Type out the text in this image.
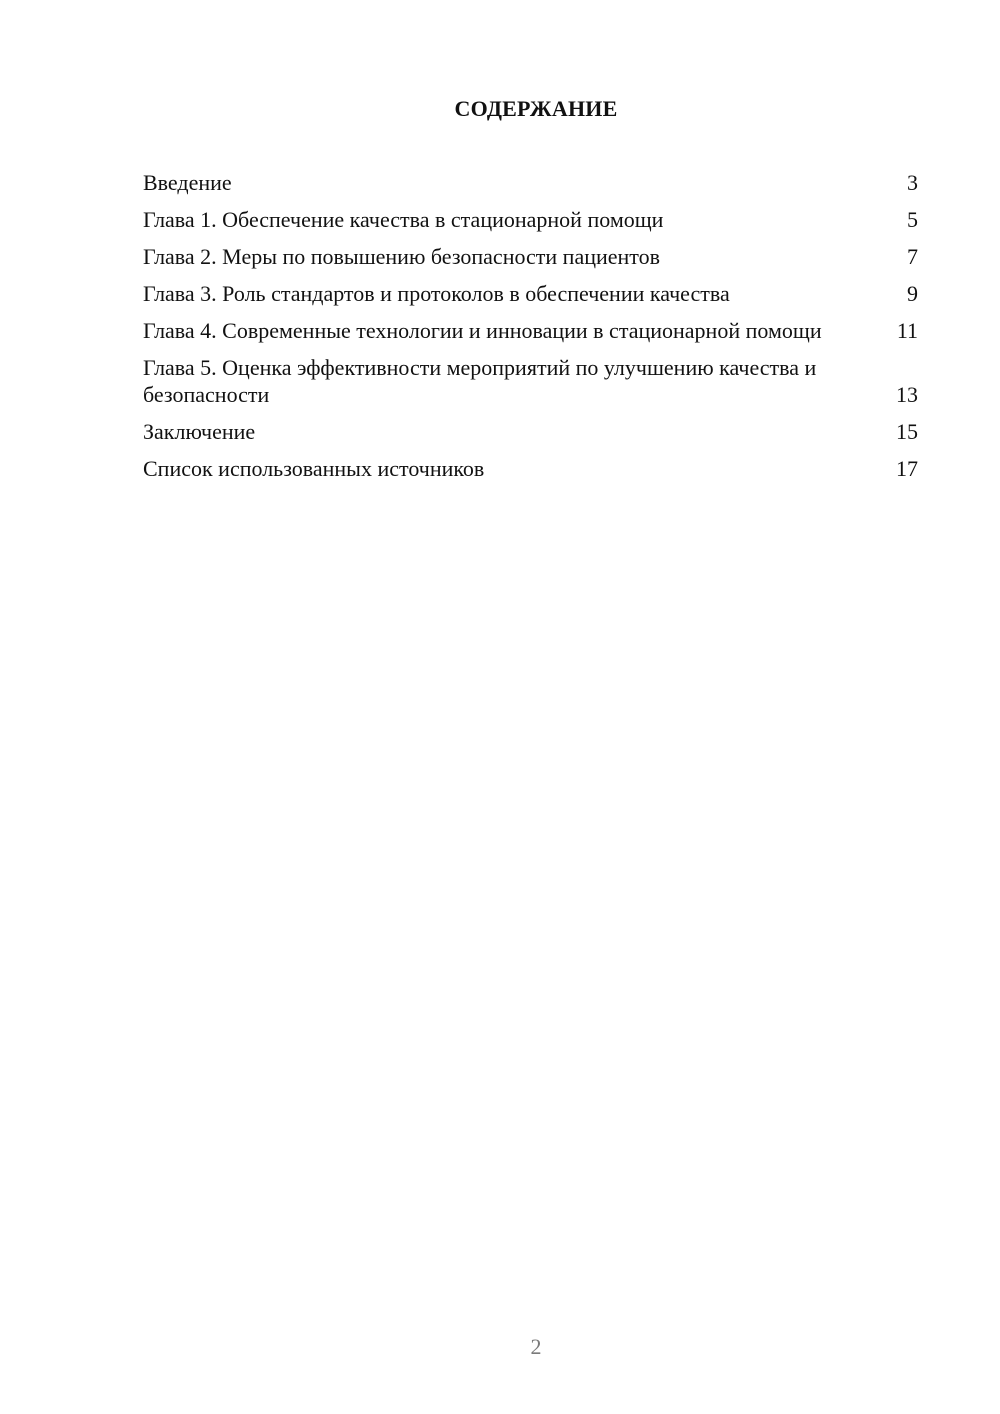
СОДЕРЖАНИЕ
Введение	3
Глава 1. Обеспечение качества в стационарной помощи	5
Глава 2. Меры по повышению безопасности пациентов	7
Глава 3. Роль стандартов и протоколов в обеспечении качества	9
Глава 4. Современные технологии и инновации в стационарной помощи	11
Глава 5. Оценка эффективности мероприятий по улучшению качества и безопасности	13
Заключение	15
Список использованных источников	17
2
